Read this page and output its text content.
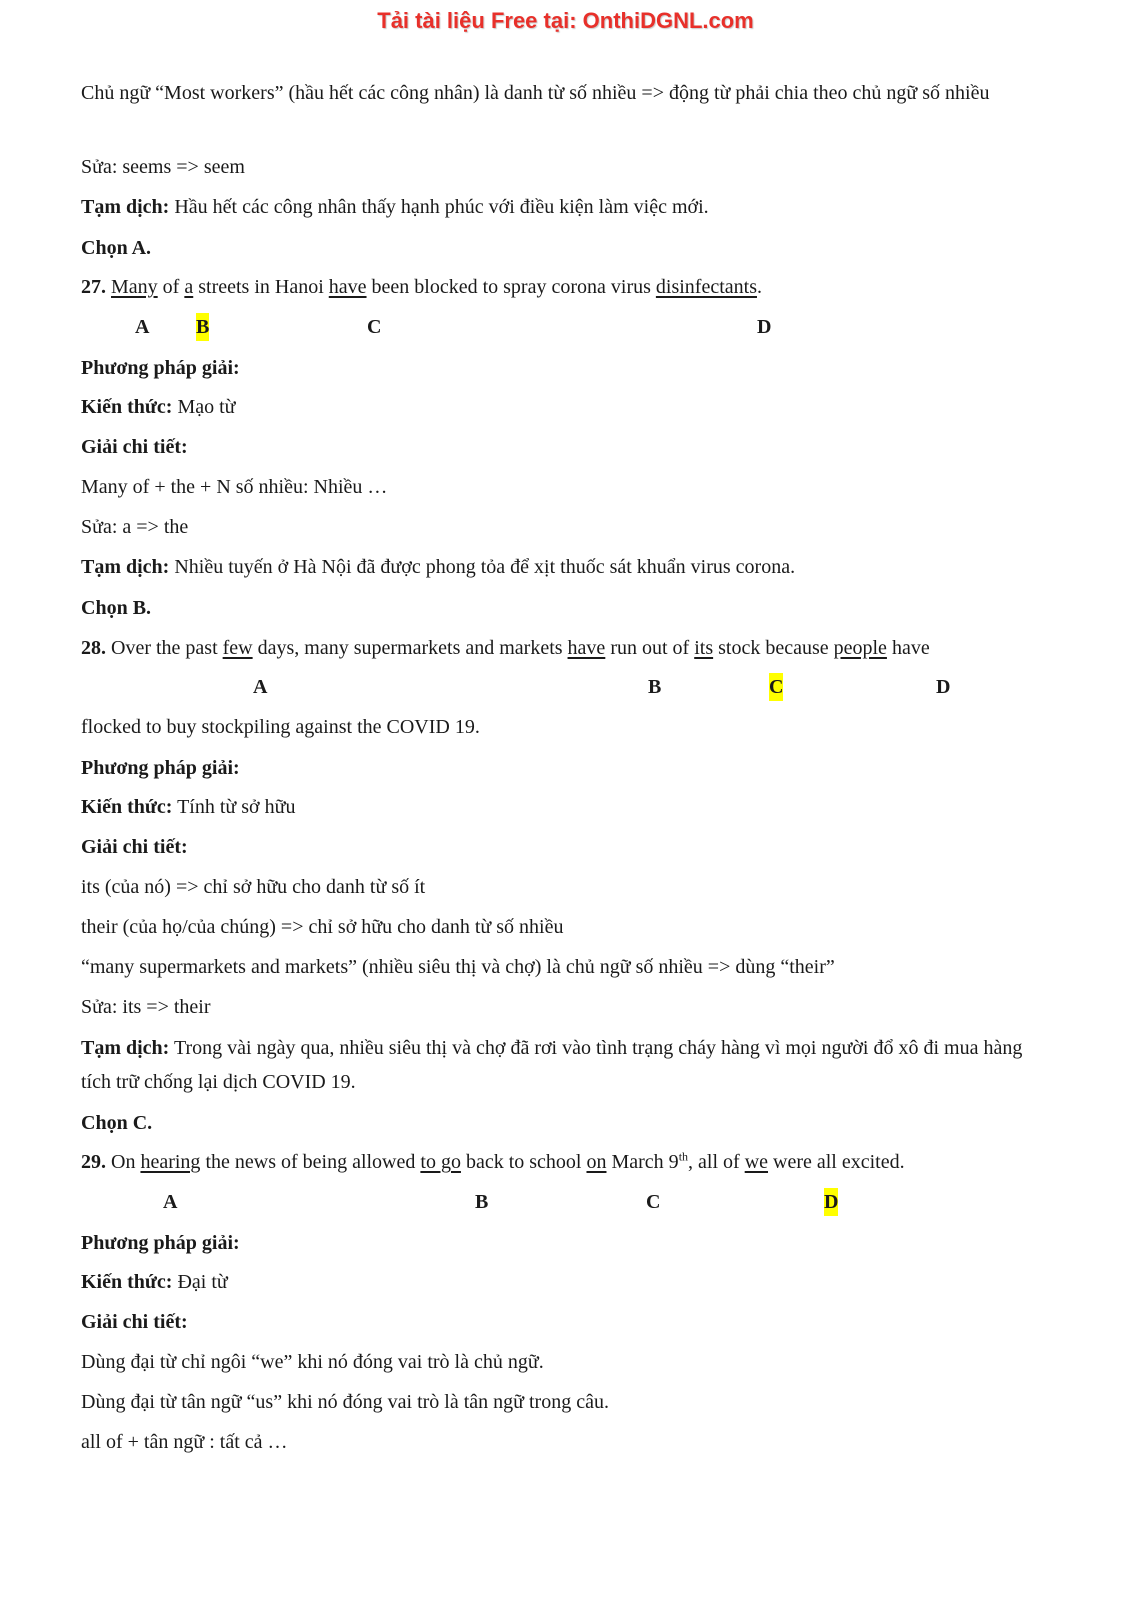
Tải tài liệu Free tại: OnthiDGNL.com
Chủ ngữ “Most workers” (hầu hết các công nhân) là danh từ số nhiều => động từ phải chia theo chủ ngữ số nhiều
Sửa: seems => seem
Tạm dịch: Hầu hết các công nhân thấy hạnh phúc với điều kiện làm việc mới.
Chọn A.
27. Many of a streets in Hanoi have been blocked to spray corona virus disinfectants.
A B	C	D
Phương pháp giải:
Kiến thức: Mạo từ
Giải chi tiết:
Many of + the + N số nhiều: Nhiều …
Sửa: a => the
Tạm dịch: Nhiều tuyến ở Hà Nội đã được phong tỏa để xịt thuốc sát khuẩn virus corona.
Chọn B.
28. Over the past few days, many supermarkets and markets have run out of its stock because people have
A	B	C	D
flocked to buy stockpiling against the COVID 19.
Phương pháp giải:
Kiến thức: Tính từ sở hữu
Giải chi tiết:
its (của nó) => chỉ sở hữu cho danh từ số ít
their (của họ/của chúng) => chỉ sở hữu cho danh từ số nhiều
“many supermarkets and markets” (nhiều siêu thị và chợ) là chủ ngữ số nhiều => dùng “their”
Sửa: its => their
Tạm dịch: Trong vài ngày qua, nhiều siêu thị và chợ đã rơi vào tình trạng cháy hàng vì mọi người đổ xô đi mua hàng tích trữ chống lại dịch COVID 19.
Chọn C.
29. On hearing the news of being allowed to go back to school on March 9th, all of we were all excited.
A	B	C	D
Phương pháp giải:
Kiến thức: Đại từ
Giải chi tiết:
Dùng đại từ chỉ ngôi “we” khi nó đóng vai trò là chủ ngữ.
Dùng đại từ tân ngữ “us” khi nó đóng vai trò là tân ngữ trong câu.
all of + tân ngữ : tất cả …
